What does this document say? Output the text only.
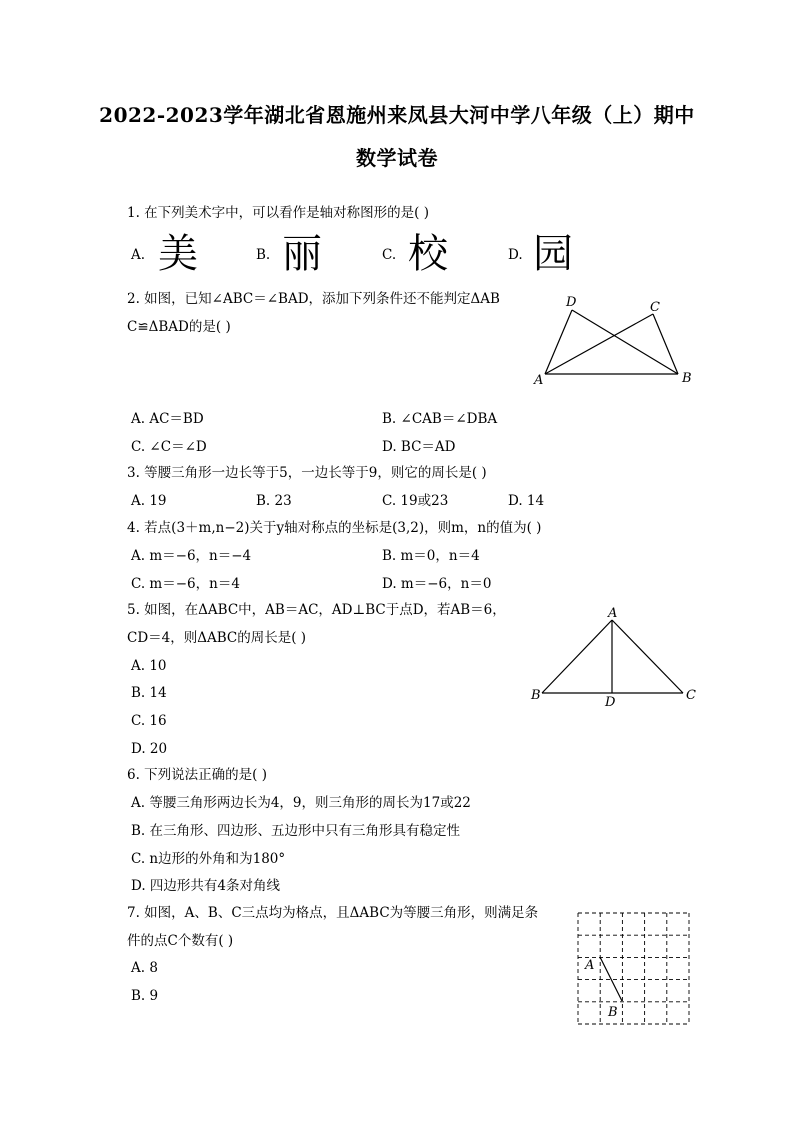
2022-2023学年湖北省恩施州来凤县大河中学八年级（上）期中
数学试卷
1. 在下列美术字中，可以看作是轴对称图形的是( )
A. 美	B. 丽	C. 校	D. 园
2. 如图，已知∠ABC＝∠BAD，添加下列条件还不能判定ΔAB
C≌ΔBAD的是( )
D	C
A	B
A. AC＝BD	B. ∠CAB＝∠DBA
C. ∠C＝∠D	D. BC＝AD
3. 等腰三角形一边长等于5，一边长等于9，则它的周长是( )
A. 19	B. 23	C. 19或23	D. 14
4. 若点(3＋m,n−2)关于y轴对称点的坐标是(3,2)，则m，n的值为( )
A. m＝−6，n＝−4	B. m＝0，n＝4
C. m＝−6，n＝4	D. m＝−6，n＝0
5. 如图，在ΔABC中，AB＝AC，AD⊥BC于点D，若AB＝6，
CD＝4，则ΔABC的周长是( )
A. 10
B. 14
C. 16
D. 20
A
B	D	C
6. 下列说法正确的是( )
A. 等腰三角形两边长为4，9，则三角形的周长为17或22
B. 在三角形、四边形、五边形中只有三角形具有稳定性
C. n边形的外角和为180°
D. 四边形共有4条对角线
7. 如图，A、B、C三点均为格点，且ΔABC为等腰三角形，则满足条
件的点C个数有( )
A. 8
B. 9
A
B
